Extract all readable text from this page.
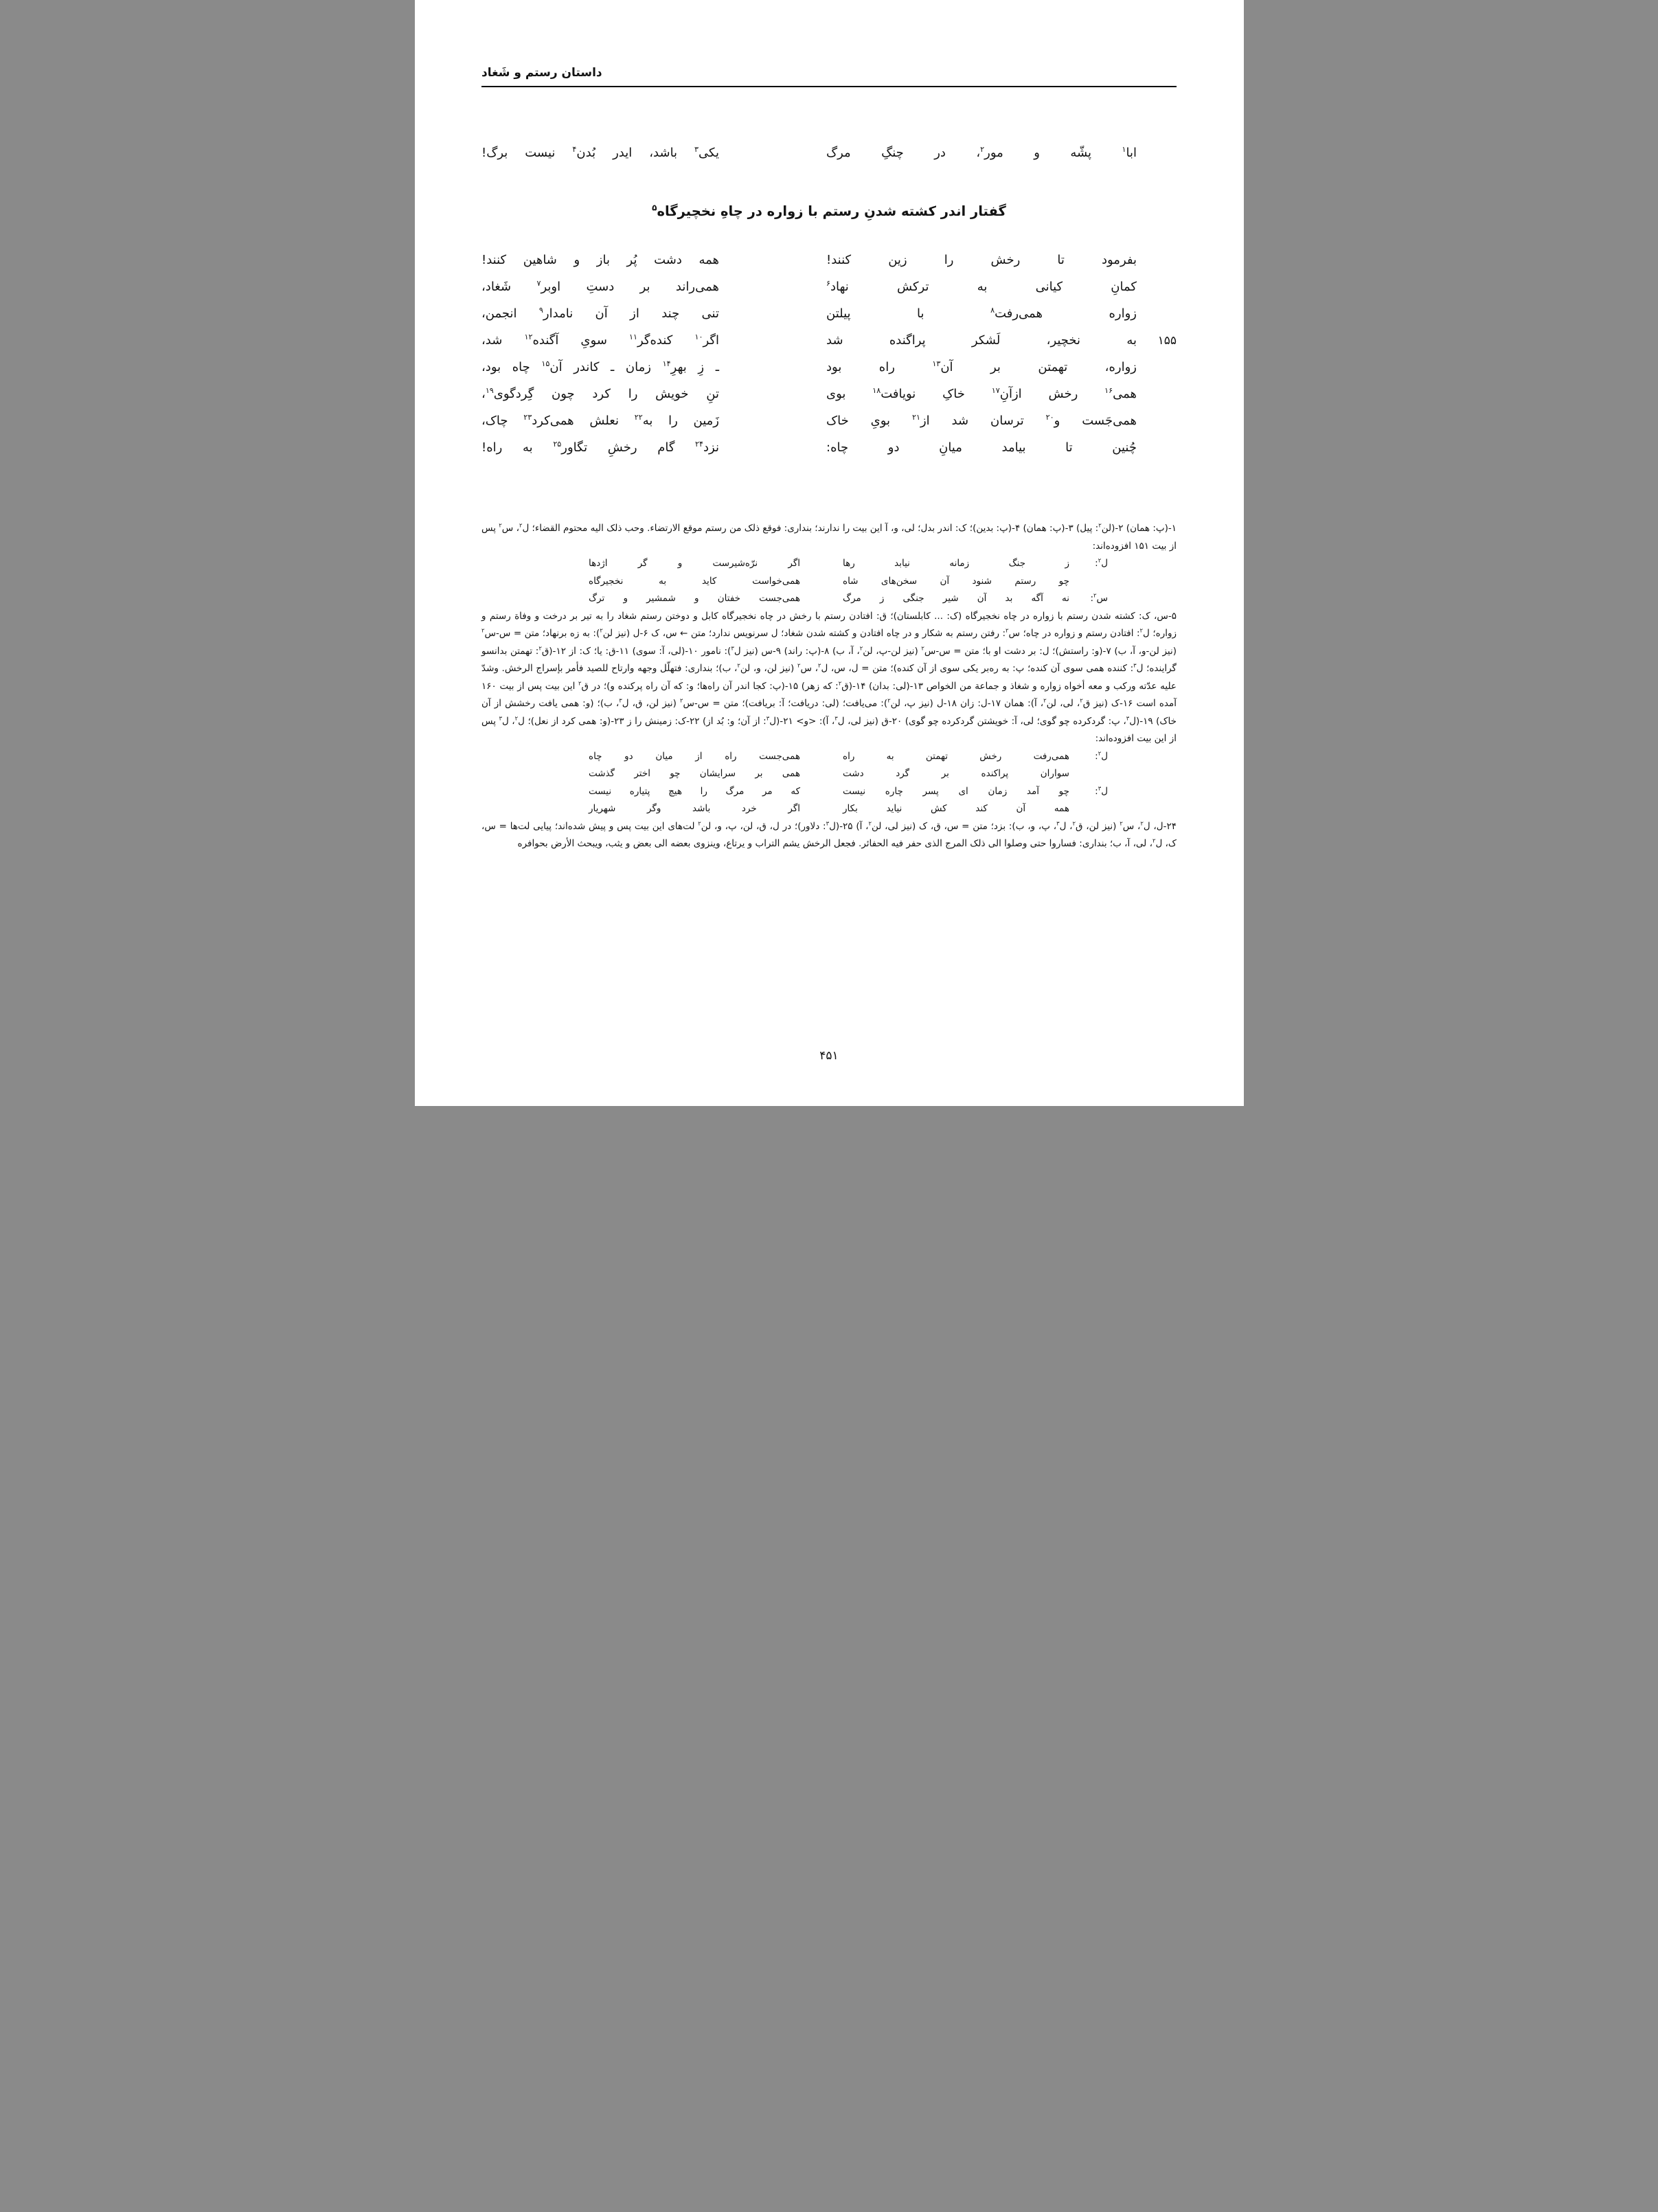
داستان رستم و شَغاد
ابا$^۱$ پشّه و مور$^۲$، در چنگِ مرگ
یکی$^۳$ باشد، ایدر بُدن$^۴$ نیست برگ!
گفتار اندر کشته شدنِ رستم با زواره در چاهِ نخچیرگاه$^۵$
بفرمود تا رخش را زین کنند!
همه دشت پُر باز و شاهین کنند!
کمانِ کیانی به ترکش نهاد$^۶$
همی‌راند بر دستِ اوبر$^۷$ شَغاد،
زواره همی‌رفت$^۸$ با پیلتن
تنی چند از آن نامدار$^۹$ انجمن،
۱۵۵
به نخچیر، لَشکر پراگنده شد
اگر$^{۱۰}$ کنده‌گر$^{۱۱}$ سویِ آگنده$^{۱۲}$ شد،
زواره، تهمتن بر آن$^{۱۳}$ راه بود
ـ زِ بهرِ$^{۱۴}$ زمان ـ کاندر آن$^{۱۵}$ چاه بود،
همی$^{۱۶}$ رخش ازآنِ$^{۱۷}$ خاکِ نویافت$^{۱۸}$ بوی
تنِ خویش را کرد چون گِردگوی$^{۱۹}$،
همی‌جَست و$^{۲۰}$ ترسان شد از$^{۲۱}$ بویِ خاک
زَمین را به$^{۲۲}$ نعلش همی‌کرد$^{۲۳}$ چاک،
چُنین تا بیامد میانِ دو چاه:
نزد$^{۲۴}$ گام رخشِ تگاور$^{۲۵}$ به راه!

۱-(پ: همان) ۲-(لن$^۲$: پیل) ۳-(پ: همان) ۴-(پ: بدین)؛ ک: اندر بدل؛ لی، و، آ این بیت را ندارند؛ بنداری: فوقع ذلک من رستم موقع الارتضاء. وحب ذلک الیه محتوم القضاء؛ ل$^۲$، س$^۲$ پس از بیت ۱۵۱ افزوده‌اند:

ل$^۲$:
ز جنگ زمانه نیابد رها
اگر نرّه‌شیرست و گر اژدها
چو رستم شنود آن سخن‌های شاه
همی‌خواست کاید به نخجیرگاه
س$^۲$:
نه آگه بد آن شیر جنگی ز مرگ
همی‌جست خفتان و شمشیر و ترگ

۵-س، ک: کشته شدن رستم با زواره در چاه نخجیرگاه (ک: ... کابلستان)؛ ق: افتادن رستم با رخش در چاه نخجیرگاه کابل و دوختن رستم شغاد را به تیر بر درخت و وفاة رستم و زواره؛ ل$^۲$: افتادن رستم و زواره در چاه؛ س$^۲$: رفتن رستم به شکار و در چاه افتادن و کشته شدن شغاد؛ ل سرنویس ندارد؛ متن ← س، ک ۶-ل (نیز لن$^۲$): به زه برنهاد؛ متن = س-س$^۲$ (نیز لن-و، آ، ب) ۷-(و: راستش)؛ ل: بر دشت او با؛ متن = س-س$^۲$ (نیز لن-پ، لن$^۲$، آ، ب) ۸-(پ: راند) ۹-س (نیز ل$^۳$): نامور ۱۰-(لی، آ: سوی) ۱۱-ق: یا؛ ک: از ۱۲-(ق$^۲$: تهمتن بدانسو گراینده؛ ل$^۳$: کننده همی سوی آن کنده؛ پ: به ره‌بر یکی سوی از آن کنده)؛ متن = ل، س، ل$^۲$، س$^۲$ (نیز لن، و، لن$^۲$، ب)؛ بنداری: فتهلّل وجهه وارتاح للصید فأمر بإسراج الرخش. وشدّ علیه عدّته ورکب و معه أخواه زواره و شغاذ و جماعة من الخواص ۱۳-(لی: بدان) ۱۴-(ق$^۲$: که زهر) ۱۵-(پ: کجا اندر آن راه‌ها؛ و: که آن راه پرکنده و)؛ در ق$^۲$ این بیت پس از بیت ۱۶۰ آمده است ۱۶-ک (نیز ق$^۲$، لی، لن$^۲$، آ): همان ۱۷-ل: زان ۱۸-ل (نیز پ، لن$^۲$): می‌یافت؛ (لی: دریافت؛ آ: بریافت)؛ متن = س-س$^۲$ (نیز لن، ق، ل$^۳$، ب)؛ (و: همی یافت رخشش از آن خاک) ۱۹-(ل$^۳$، پ: گردکرده چو گوی؛ لی، آ: خویشتن گردکرده چو گوی) ۲۰-ق (نیز لی، ل$^۳$، آ): <و> ۲۱-(ل$^۳$: از آن؛ و: بُد از) ۲۲-ک: زمینش را ز ۲۳-(و: همی کرد از نعل)؛ ل$^۲$، ل$^۳$ پس از این بیت افزوده‌اند:

ل$^۲$:
همی‌رفت رخش تهمتن به راه
همی‌جست راه از میان دو چاه
سواران پراکنده بر گرد دشت
همی بر سرایشان چو اختر گذشت
ل$^۳$:
چو آمد زمان ای پسر چاره نیست
که مر مرگ را هیچ پتیاره نیست
همه آن کند کش نیاید بکار
اگر خرد باشد وگر شهریار

۲۴-ل، ل$^۲$، س$^۲$ (نیز لن، ق$^۲$، ل$^۳$، پ، و، ب): بزد؛ متن = س، ق، ک (نیز لی، لن$^۲$، آ) ۲۵-(ل$^۳$: دلاور)؛ در ل، ق، لن، پ، و، لن$^۲$ لت‌های این بیت پس و پیش شده‌اند؛ پیایی لت‌ها = س، ک، ل$^۲$، لی، آ، ب؛ بنداری: فساروا حتی وصلوا الی ذلک المرج الذی حفر فیه الحفائر. فجعل الرخش یشم التراب و یرتاع، وینزوی بعضه الی بعض و یثب، ویبحث الأرض بحوافره

۴۵۱
